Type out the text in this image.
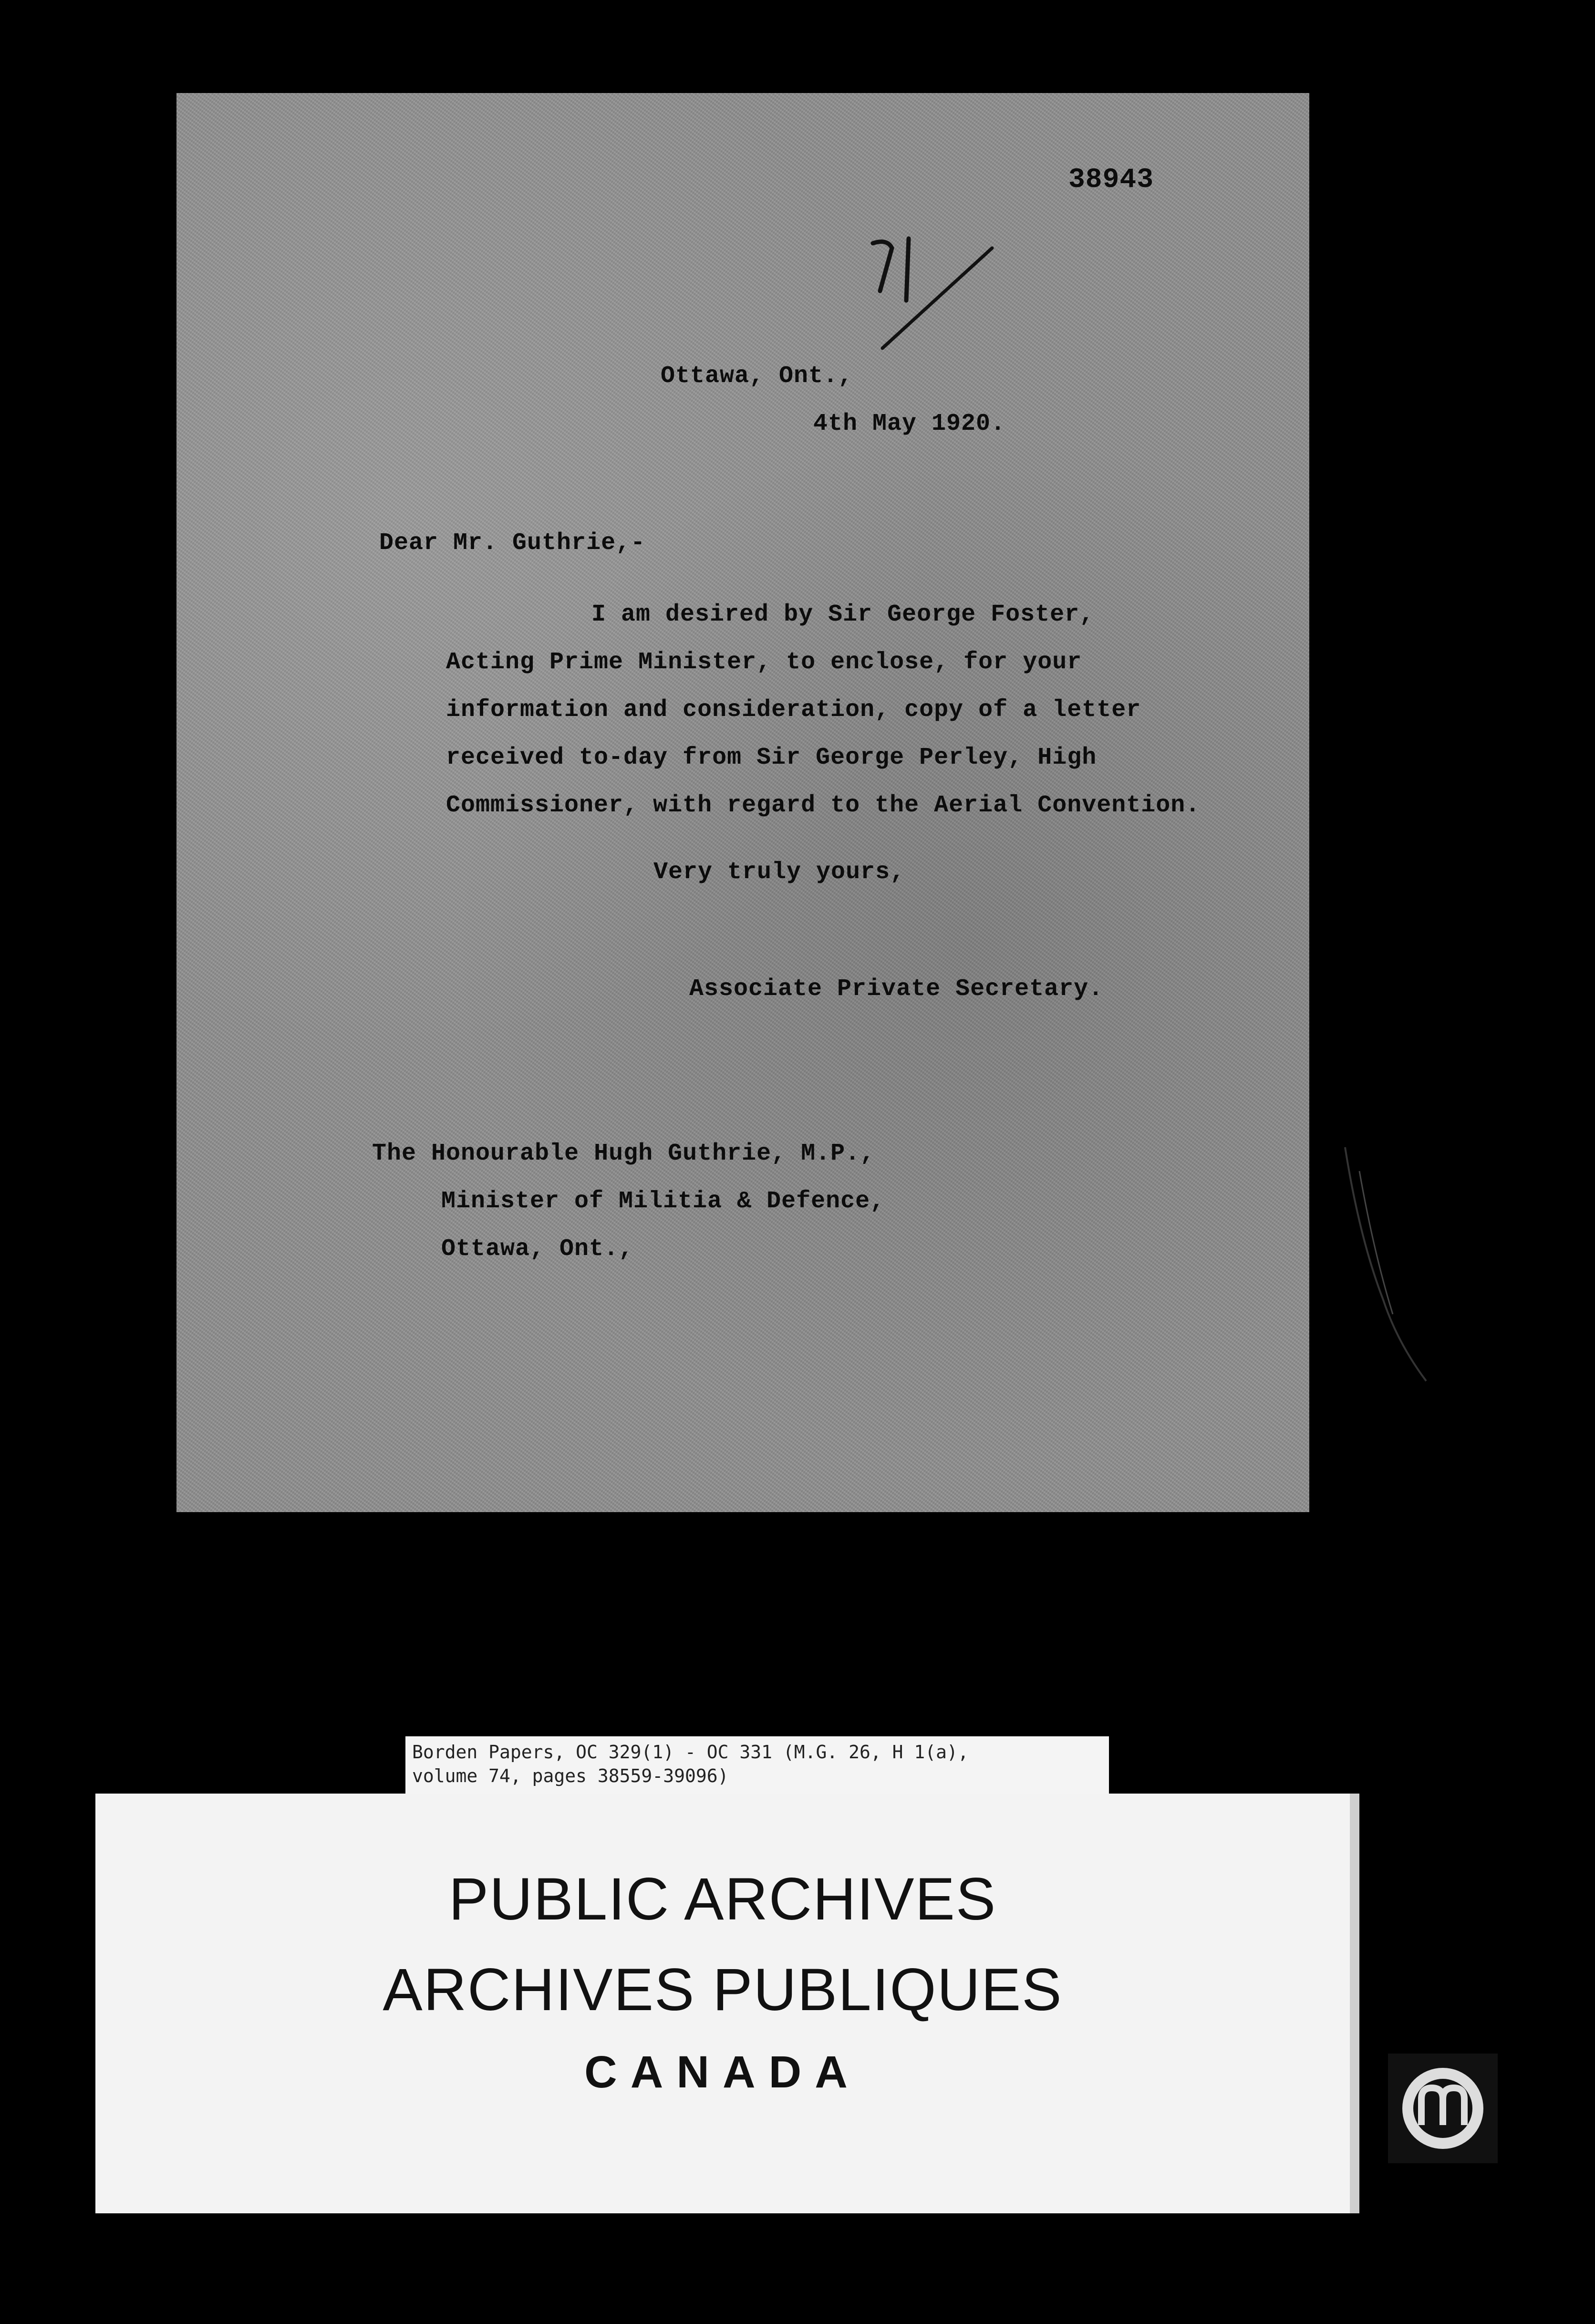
38943
Ottawa, Ont.,
4th May 1920.
Dear Mr. Guthrie,-
I am desired by Sir George Foster,
Acting Prime Minister, to enclose, for your
information and consideration, copy of a letter
received to-day from Sir George Perley, High
Commissioner, with regard to the Aerial Convention.
Very truly yours,
Associate Private Secretary.
The Honourable Hugh Guthrie, M.P.,
Minister of Militia & Defence,
Ottawa, Ont.,
Borden Papers, OC 329(1) - OC 331 (M.G. 26, H 1(a),
volume 74, pages 38559-39096)
PUBLIC ARCHIVES
ARCHIVES PUBLIQUES
CANADA
